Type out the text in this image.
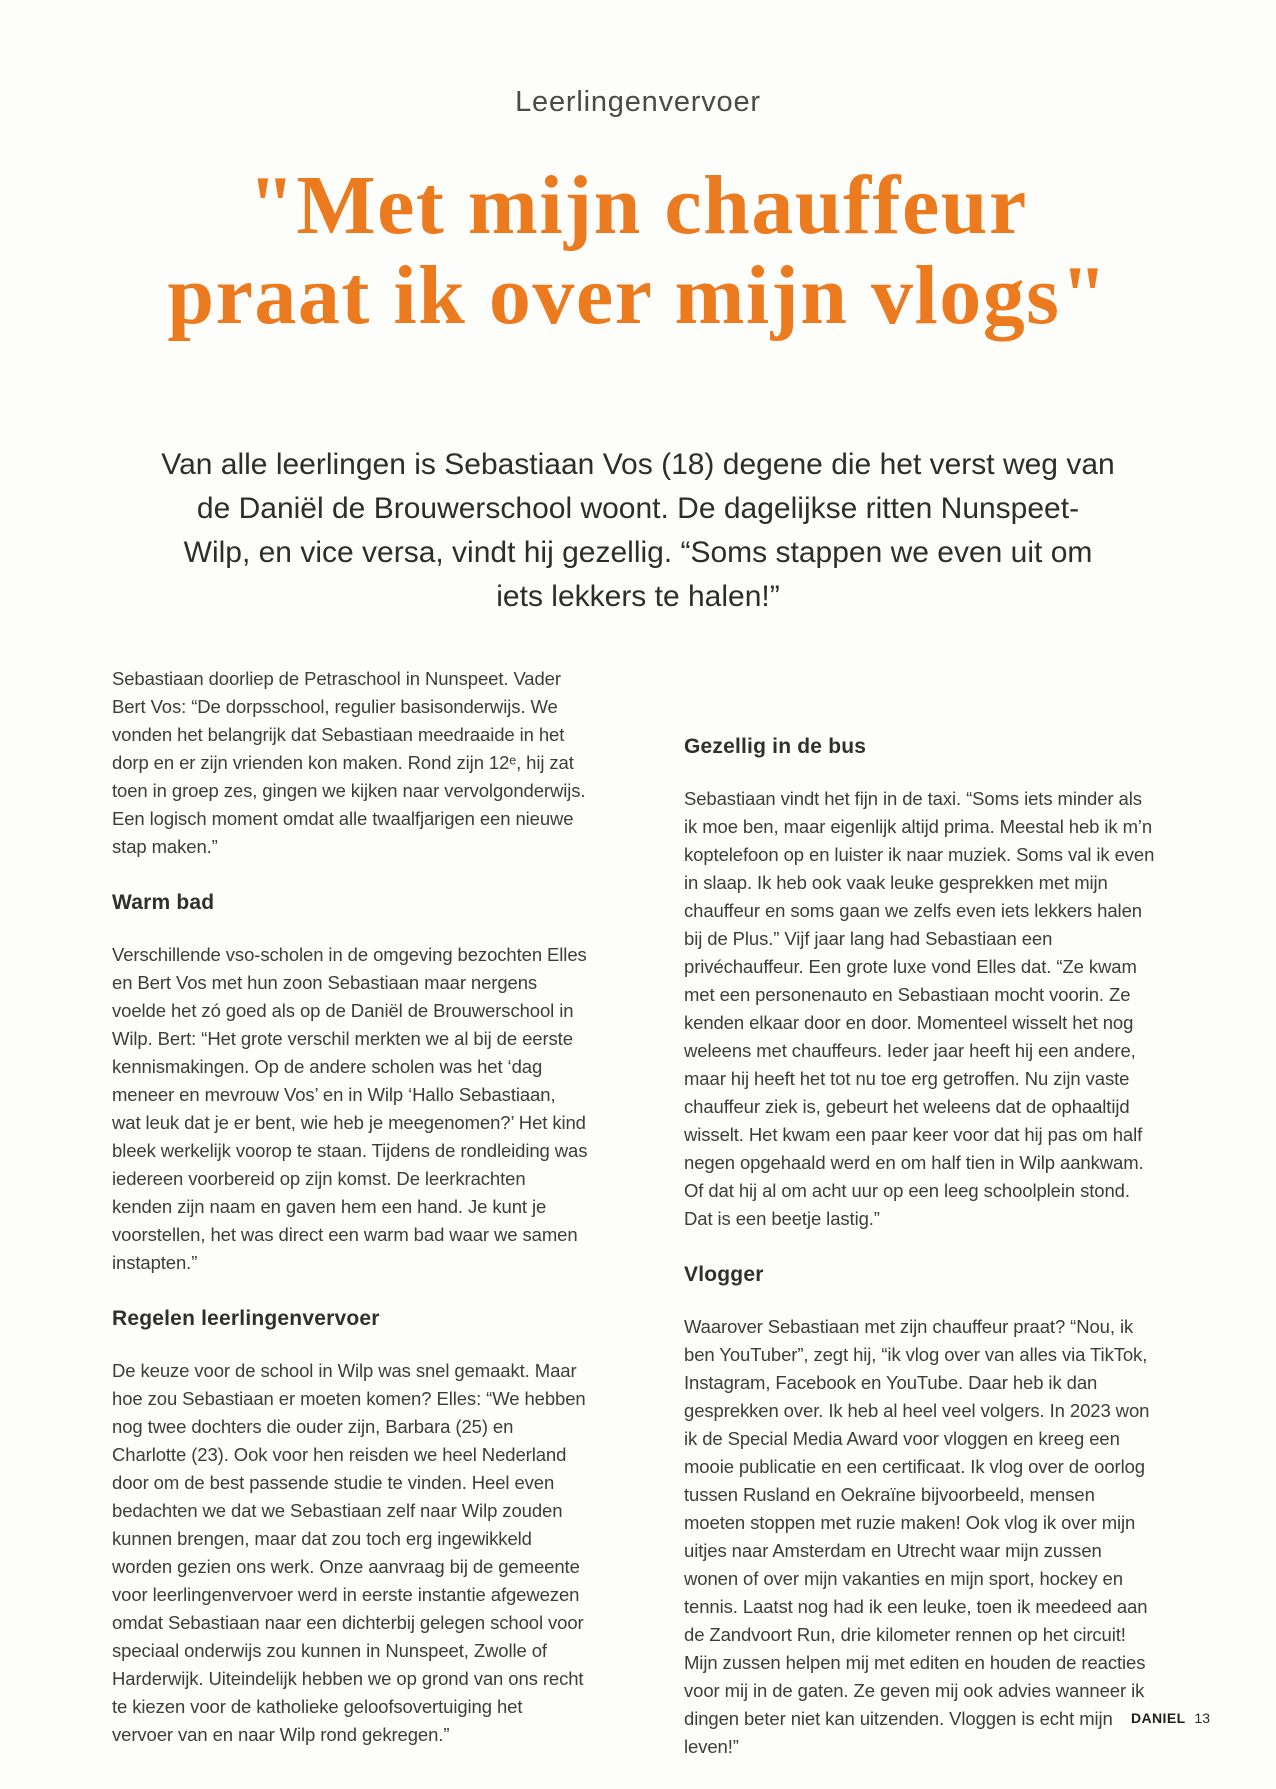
Leerlingenvervoer
"Met mijn chauffeur
praat ik over mijn vlogs"
Van alle leerlingen is Sebastiaan Vos (18) degene die het verst weg van
de Daniël de Brouwerschool woont. De dagelijkse ritten Nunspeet-
Wilp, en vice versa, vindt hij gezellig. “Soms stappen we even uit om
iets lekkers te halen!”

Sebastiaan doorliep de Petraschool in Nunspeet. Vader Bert Vos: “De dorpsschool, regulier basisonderwijs. We vonden het belangrijk dat Sebastiaan meedraaide in het dorp en er zijn vrienden kon maken. Rond zijn 12ᵉ, hij zat toen in groep zes, gingen we kijken naar vervolgonderwijs. Een logisch moment omdat alle twaalfjarigen een nieuwe stap maken.”

Warm bad

Verschillende vso-scholen in de omgeving bezochten Elles en Bert Vos met hun zoon Sebastiaan maar nergens voelde het zó goed als op de Daniël de Brouwerschool in Wilp. Bert: “Het grote verschil merkten we al bij de eerste kennismakingen. Op de andere scholen was het ‘dag meneer en mevrouw Vos’ en in Wilp ‘Hallo Sebastiaan, wat leuk dat je er bent, wie heb je meegenomen?’ Het kind bleek werkelijk voorop te staan. Tijdens de rondleiding was iedereen voorbereid op zijn komst. De leerkrachten kenden zijn naam en gaven hem een hand. Je kunt je voorstellen, het was direct een warm bad waar we samen instapten.”

Regelen leerlingenvervoer

De keuze voor de school in Wilp was snel gemaakt. Maar hoe zou Sebastiaan er moeten komen? Elles: “We hebben nog twee dochters die ouder zijn, Barbara (25) en Charlotte (23). Ook voor hen reisden we heel Nederland door om de best passende studie te vinden. Heel even bedachten we dat we Sebastiaan zelf naar Wilp zouden kunnen brengen, maar dat zou toch erg ingewikkeld worden gezien ons werk. Onze aanvraag bij de gemeente voor leerlingenvervoer werd in eerste instantie afgewezen omdat Sebastiaan naar een dichterbij gelegen school voor speciaal onderwijs zou kunnen in Nunspeet, Zwolle of Harderwijk. Uiteindelijk hebben we op grond van ons recht te kiezen voor de katholieke geloofsovertuiging het vervoer van en naar Wilp rond gekregen.”

Gezellig in de bus

Sebastiaan vindt het fijn in de taxi. “Soms iets minder als ik moe ben, maar eigenlijk altijd prima. Meestal heb ik m’n koptelefoon op en luister ik naar muziek. Soms val ik even in slaap. Ik heb ook vaak leuke gesprekken met mijn chauffeur en soms gaan we zelfs even iets lekkers halen bij de Plus.” Vijf jaar lang had Sebastiaan een privéchauffeur. Een grote luxe vond Elles dat. “Ze kwam met een personenauto en Sebastiaan mocht voorin. Ze kenden elkaar door en door. Momenteel wisselt het nog weleens met chauffeurs. Ieder jaar heeft hij een andere, maar hij heeft het tot nu toe erg getroffen. Nu zijn vaste chauffeur ziek is, gebeurt het weleens dat de ophaaltijd wisselt. Het kwam een paar keer voor dat hij pas om half negen opgehaald werd en om half tien in Wilp aankwam. Of dat hij al om acht uur op een leeg schoolplein stond. Dat is een beetje lastig.”

Vlogger

Waarover Sebastiaan met zijn chauffeur praat? “Nou, ik ben YouTuber”, zegt hij, “ik vlog over van alles via TikTok, Instagram, Facebook en YouTube. Daar heb ik dan gesprekken over. Ik heb al heel veel volgers. In 2023 won ik de Special Media Award voor vloggen en kreeg een mooie publicatie en een certificaat. Ik vlog over de oorlog tussen Rusland en Oekraïne bijvoorbeeld, mensen moeten stoppen met ruzie maken! Ook vlog ik over mijn uitjes naar Amsterdam en Utrecht waar mijn zussen wonen of over mijn vakanties en mijn sport, hockey en tennis. Laatst nog had ik een leuke, toen ik meedeed aan de Zandvoort Run, drie kilometer rennen op het circuit! Mijn zussen helpen mij met editen en houden de reacties voor mij in de gaten. Ze geven mij ook advies wanneer ik dingen beter niet kan uitzenden. Vloggen is echt mijn leven!”

DANIEL 13
